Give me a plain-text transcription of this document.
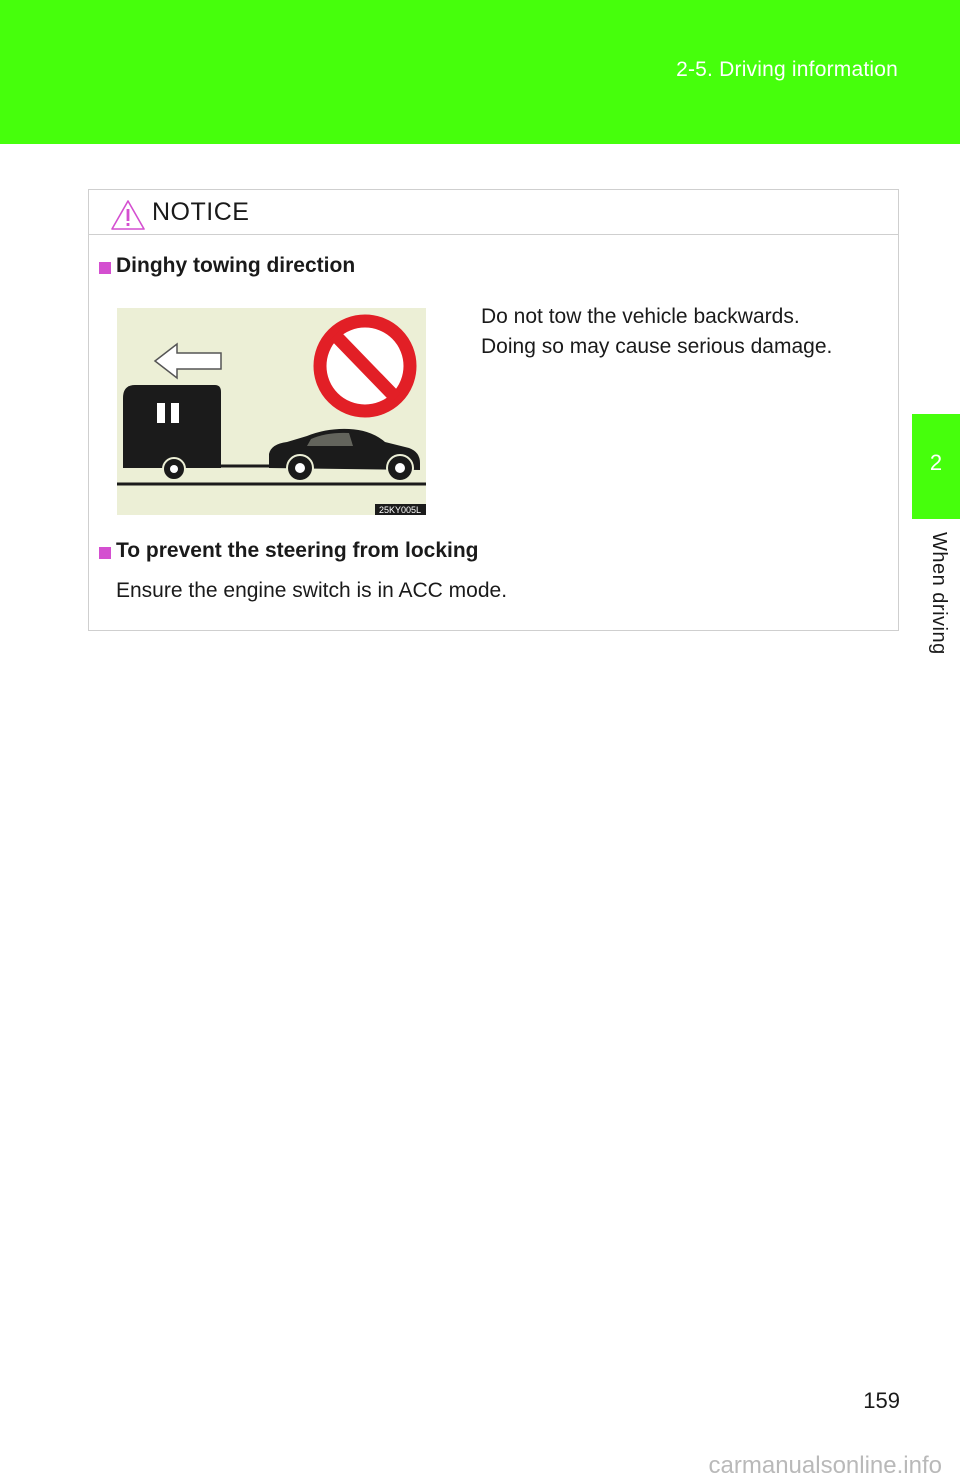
2-5. Driving information
2
When driving
NOTICE
Dinghy towing direction
25KY005L
Do not tow the vehicle backwards.
Doing so may cause serious damage.
To prevent the steering from locking
Ensure the engine switch is in ACC mode.
159
carmanualsonline.info
